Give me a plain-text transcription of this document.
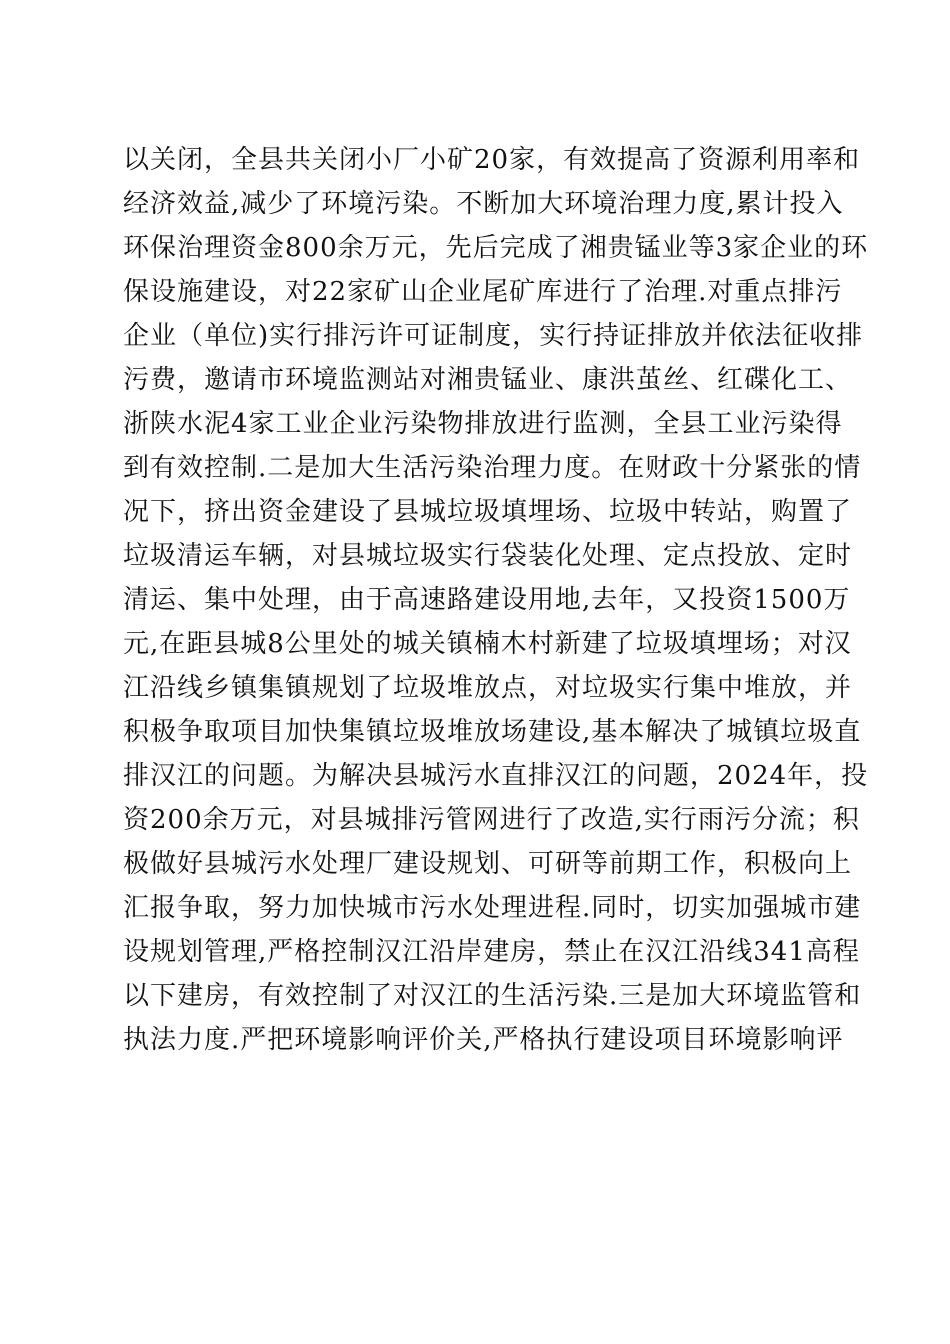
以关闭，全县共关闭小厂小矿20家，有效提高了资源利用率和
经济效益,减少了环境污染。不断加大环境治理力度,累计投入
环保治理资金800余万元，先后完成了湘贵锰业等3家企业的环
保设施建设，对22家矿山企业尾矿库进行了治理.对重点排污
企业（单位)实行排污许可证制度，实行持证排放并依法征收排
污费，邀请市环境监测站对湘贵锰业、康洪茧丝、红碟化工、
浙陕水泥4家工业企业污染物排放进行监测，全县工业污染得
到有效控制.二是加大生活污染治理力度。在财政十分紧张的情
况下，挤出资金建设了县城垃圾填埋场、垃圾中转站，购置了
垃圾清运车辆，对县城垃圾实行袋装化处理、定点投放、定时
清运、集中处理，由于高速路建设用地,去年，又投资1500万
元,在距县城8公里处的城关镇楠木村新建了垃圾填埋场；对汉
江沿线乡镇集镇规划了垃圾堆放点，对垃圾实行集中堆放，并
积极争取项目加快集镇垃圾堆放场建设,基本解决了城镇垃圾直
排汉江的问题。为解决县城污水直排汉江的问题，2024年，投
资200余万元，对县城排污管网进行了改造,实行雨污分流；积
极做好县城污水处理厂建设规划、可研等前期工作，积极向上
汇报争取，努力加快城市污水处理进程.同时，切实加强城市建
设规划管理,严格控制汉江沿岸建房，禁止在汉江沿线341高程
以下建房，有效控制了对汉江的生活污染.三是加大环境监管和
执法力度.严把环境影响评价关,严格执行建设项目环境影响评
